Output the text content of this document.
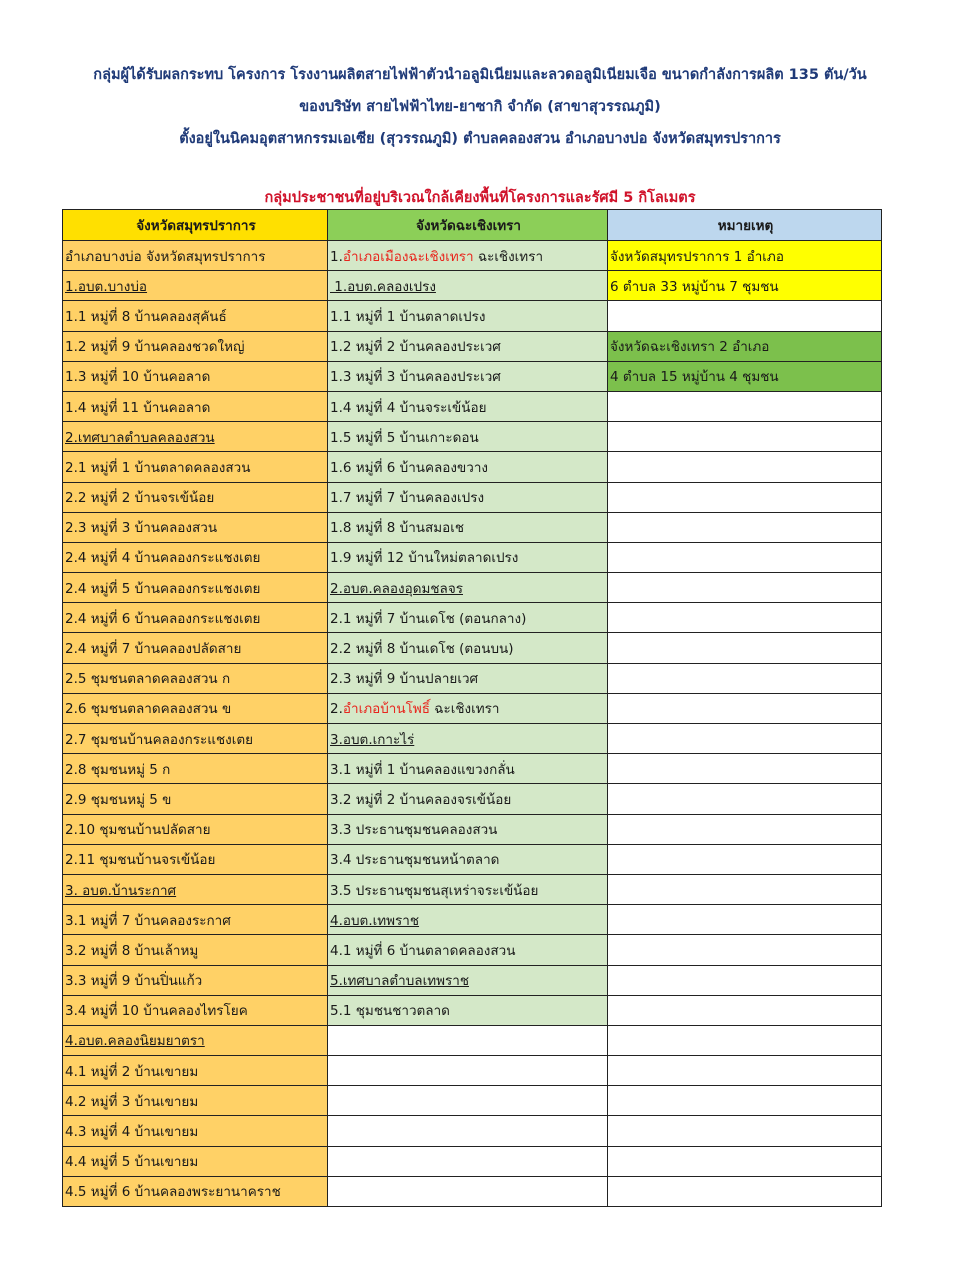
กลุ่มผู้ได้รับผลกระทบ โครงการ โรงงานผลิตสายไฟฟ้าตัวนำอลูมิเนียมและลวดอลูมิเนียมเจือ ขนาดกำลังการผลิต 135 ตัน/วัน
ของบริษัท สายไฟฟ้าไทย-ยาซากิ จำกัด (สาขาสุวรรณภูมิ)
ตั้งอยู่ในนิคมอุตสาหกรรมเอเซีย (สุวรรณภูมิ) ตำบลคลองสวน อำเภอบางบ่อ จังหวัดสมุทรปราการ
กลุ่มประชาชนที่อยู่บริเวณใกล้เคียงพื้นที่โครงการและรัศมี 5 กิโลเมตร
จังหวัดสมุทรปราการ	จังหวัดฉะเชิงเทรา	หมายเหตุ
อำเภอบางบ่อ จังหวัดสมุทรปราการ	1.อำเภอเมืองฉะเชิงเทรา ฉะเชิงเทรา	จังหวัดสมุทรปราการ 1 อำเภอ
1.อบต.บางบ่อ	1.อบต.คลองเปรง	6 ตำบล 33 หมู่บ้าน 7 ชุมชน
1.1 หมู่ที่ 8 บ้านคลองสุคันธ์	1.1 หมู่ที่ 1 บ้านตลาดเปรง	
1.2 หมู่ที่ 9 บ้านคลองชวดใหญ่	1.2 หมู่ที่ 2 บ้านคลองประเวศ	จังหวัดฉะเชิงเทรา 2 อำเภอ
1.3 หมู่ที่ 10 บ้านคอลาด	1.3 หมู่ที่ 3 บ้านคลองประเวศ	4 ตำบล 15 หมู่บ้าน 4 ชุมชน
1.4 หมู่ที่ 11 บ้านคอลาด	1.4 หมู่ที่ 4 บ้านจระเข้น้อย	
2.เทศบาลตำบลคลองสวน	1.5 หมู่ที่ 5 บ้านเกาะดอน	
2.1 หมู่ที่ 1 บ้านตลาดคลองสวน	1.6 หมู่ที่ 6 บ้านคลองขวาง	
2.2 หมู่ที่ 2 บ้านจรเข้น้อย	1.7 หมู่ที่ 7 บ้านคลองเปรง	
2.3 หมู่ที่ 3 บ้านคลองสวน	1.8 หมู่ที่ 8 บ้านสมอเช	
2.4 หมู่ที่ 4 บ้านคลองกระแชงเตย	1.9 หมู่ที่ 12 บ้านใหม่ตลาดเปรง	
2.4 หมู่ที่ 5 บ้านคลองกระแชงเตย	2.อบต.คลองอุดมชลจร	
2.4 หมู่ที่ 6 บ้านคลองกระแชงเตย	2.1 หมู่ที่ 7 บ้านเดโช (ตอนกลาง)	
2.4 หมู่ที่ 7 บ้านคลองปลัดสาย	2.2 หมู่ที่ 8 บ้านเดโช (ตอนบน)	
2.5 ชุมชนตลาดคลองสวน ก	2.3 หมู่ที่ 9 บ้านปลายเวศ	
2.6 ชุมชนตลาดคลองสวน ข	2.อำเภอบ้านโพธิ์ ฉะเชิงเทรา	
2.7 ชุมชนบ้านคลองกระแชงเตย	3.อบต.เกาะไร่	
2.8 ชุมชนหมู่ 5 ก	3.1 หมู่ที่ 1 บ้านคลองแขวงกลั่น	
2.9 ชุมชนหมู่ 5 ข	3.2 หมู่ที่ 2 บ้านคลองจรเข้น้อย	
2.10 ชุมชนบ้านปลัดสาย	3.3 ประธานชุมชนคลองสวน	
2.11 ชุมชนบ้านจรเข้น้อย	3.4 ประธานชุมชนหน้าตลาด	
3. อบต.บ้านระกาศ	3.5 ประธานชุมชนสุเหร่าจระเข้น้อย	
3.1 หมู่ที่ 7 บ้านคลองระกาศ	4.อบต.เทพราช	
3.2 หมู่ที่ 8 บ้านเล้าหมู	4.1 หมู่ที่ 6 บ้านตลาดคลองสวน	
3.3 หมู่ที่ 9 บ้านปิ่นแก้ว	5.เทศบาลตำบลเทพราช	
3.4 หมู่ที่ 10 บ้านคลองไทรโยค	5.1 ชุมชนชาวตลาด	
4.อบต.คลองนิยมยาตรา		
4.1 หมู่ที่ 2 บ้านเขายม		
4.2 หมู่ที่ 3 บ้านเขายม		
4.3 หมู่ที่ 4 บ้านเขายม		
4.4 หมู่ที่ 5 บ้านเขายม		
4.5 หมู่ที่ 6 บ้านคลองพระยานาคราช		
